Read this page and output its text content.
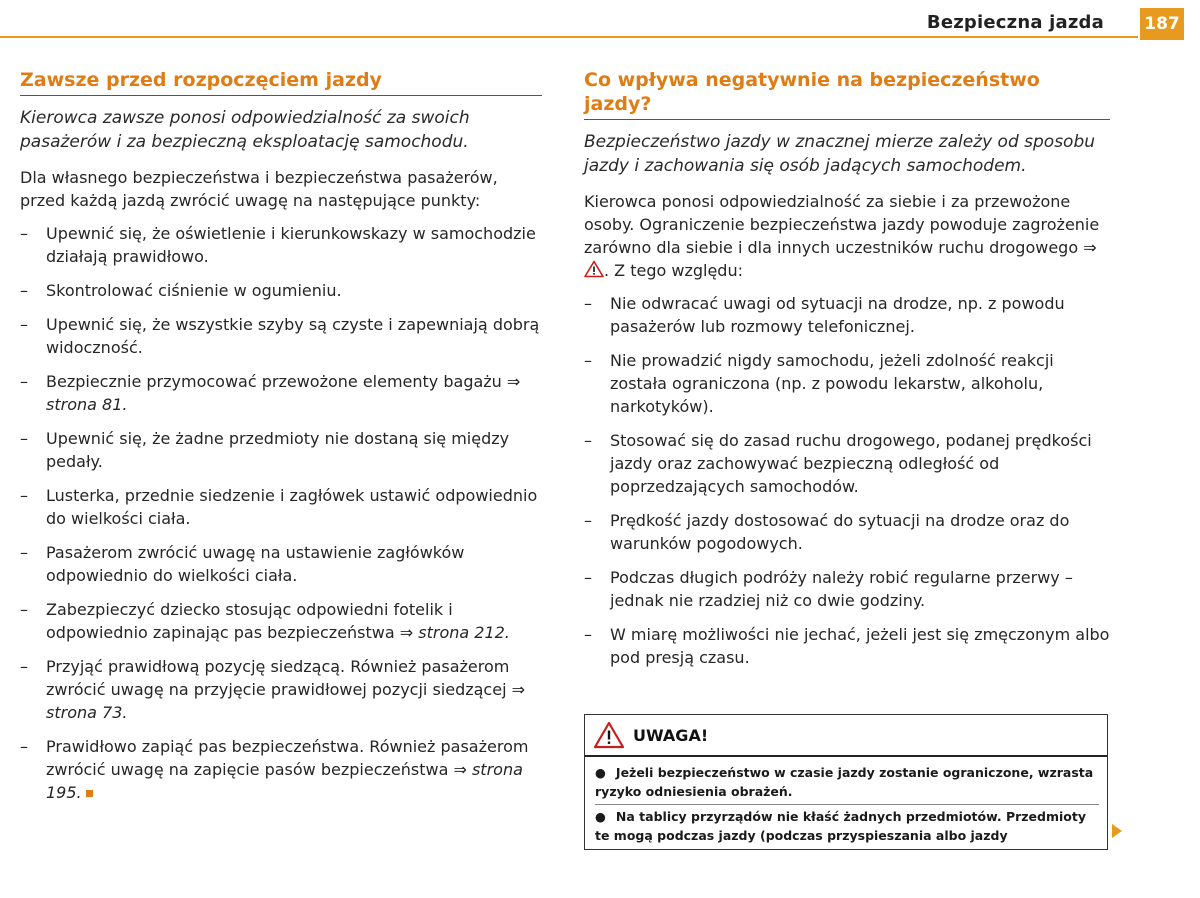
Bezpieczna jazda 187
Zawsze przed rozpoczęciem jazdy

Kierowca zawsze ponosi odpowiedzialność za swoich pasażerów i za bezpieczną eksploatację samochodu.

Dla własnego bezpieczeństwa i bezpieczeństwa pasażerów, przed każdą jazdą zwrócić uwagę na następujące punkty:

– Upewnić się, że oświetlenie i kierunkowskazy w samochodzie działają prawidłowo.
– Skontrolować ciśnienie w ogumieniu.
– Upewnić się, że wszystkie szyby są czyste i zapewniają dobrą widoczność.
– Bezpiecznie przymocować przewożone elementy bagażu ⇒ strona 81.
– Upewnić się, że żadne przedmioty nie dostaną się między pedały.
– Lusterka, przednie siedzenie i zagłówek ustawić odpowiednio do wielkości ciała.
– Pasażerom zwrócić uwagę na ustawienie zagłówków odpowiednio do wielkości ciała.
– Zabezpieczyć dziecko stosując odpowiedni fotelik i odpowiednio zapinając pas bezpieczeństwa ⇒ strona 212.
– Przyjąć prawidłową pozycję siedzącą. Również pasażerom zwrócić uwagę na przyjęcie prawidłowej pozycji siedzącej ⇒ strona 73.
– Prawidłowo zapiąć pas bezpieczeństwa. Również pasażerom zwrócić uwagę na zapięcie pasów bezpieczeństwa ⇒ strona 195.
Co wpływa negatywnie na bezpieczeństwo jazdy?

Bezpieczeństwo jazdy w znacznej mierze zależy od sposobu jazdy i zachowania się osób jadących samochodem.

Kierowca ponosi odpowiedzialność za siebie i za przewożone osoby. Ograniczenie bezpieczeństwa jazdy powoduje zagrożenie zarówno dla siebie i dla innych uczestników ruchu drogowego ⇒ . Z tego względu:

– Nie odwracać uwagi od sytuacji na drodze, np. z powodu pasażerów lub rozmowy telefonicznej.
– Nie prowadzić nigdy samochodu, jeżeli zdolność reakcji została ograniczona (np. z powodu lekarstw, alkoholu, narkotyków).
– Stosować się do zasad ruchu drogowego, podanej prędkości jazdy oraz zachowywać bezpieczną odległość od poprzedzających samochodów.
– Prędkość jazdy dostosować do sytuacji na drodze oraz do warunków pogodowych.
– Podczas długich podróży należy robić regularne przerwy – jednak nie rzadziej niż co dwie godziny.
– W miarę możliwości nie jechać, jeżeli jest się zmęczonym albo pod presją czasu.
UWAGA!

● Jeżeli bezpieczeństwo w czasie jazdy zostanie ograniczone, wzrasta ryzyko odniesienia obrażeń.

● Na tablicy przyrządów nie kłaść żadnych przedmiotów. Przedmioty te mogą podczas jazdy (podczas przyspieszania albo jazdy
